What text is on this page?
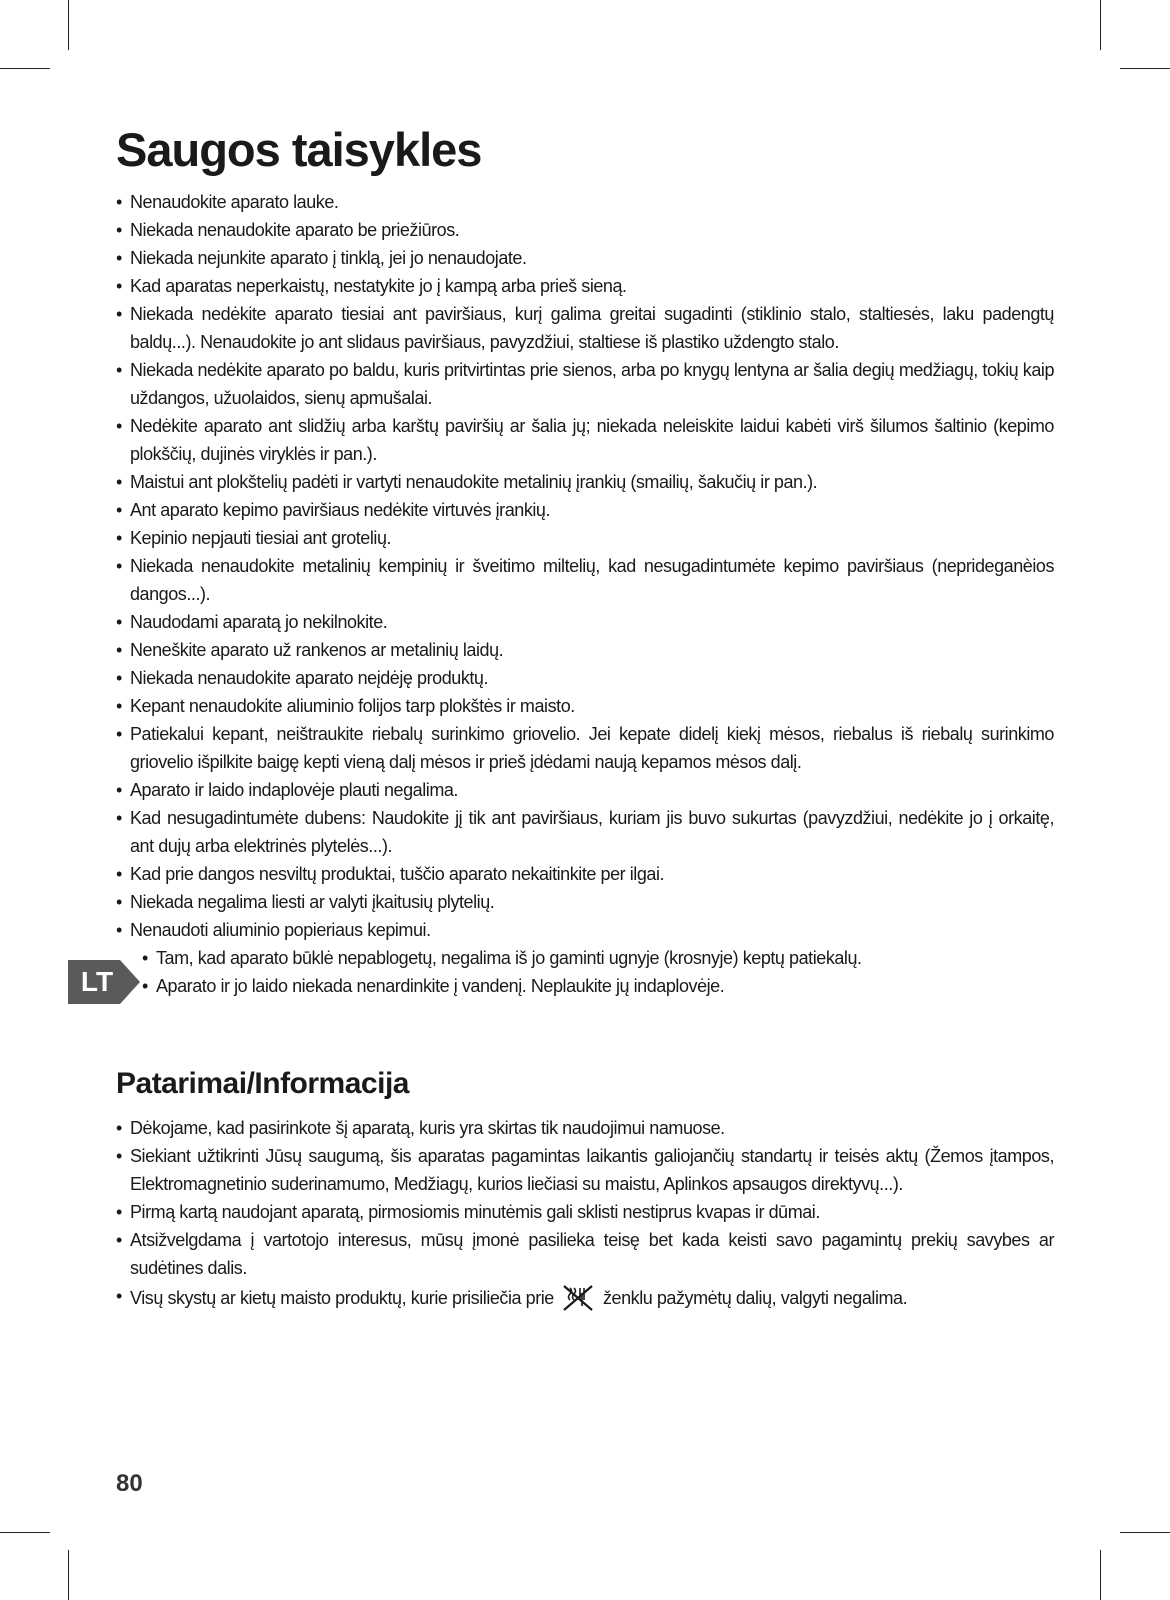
LT
Saugos taisykles
• Nenaudokite aparato lauke.
• Niekada nenaudokite aparato be priežiūros.
• Niekada nejunkite aparato į tinklą, jei jo nenaudojate.
• Kad aparatas neperkaistų, nestatykite jo į kampą arba prieš sieną.
• Niekada nedėkite aparato tiesiai ant paviršiaus, kurį galima greitai sugadinti (stiklinio stalo, staltiesės, laku padengtų baldų...). Nenaudokite jo ant slidaus paviršiaus, pavyzdžiui, staltiese iš plastiko uždengto stalo.
• Niekada nedėkite aparato po baldu, kuris pritvirtintas prie sienos, arba po knygų lentyna ar šalia degių medžiagų, tokių kaip uždangos, užuolaidos, sienų apmušalai.
• Nedėkite aparato ant slidžių arba karštų paviršių ar šalia jų; niekada neleiskite laidui kabėti virš šilumos šaltinio (kepimo plokščių, dujinės viryklės ir pan.).
• Maistui ant plokštelių padėti ir vartyti nenaudokite metalinių įrankių (smailių, šakučių ir pan.).
• Ant aparato kepimo paviršiaus nedėkite virtuvės įrankių.
• Kepinio nepjauti tiesiai ant grotelių.
• Niekada nenaudokite metalinių kempinių ir šveitimo miltelių, kad nesugadintumėte kepimo paviršiaus (neprideganèios dangos...).
• Naudodami aparatą jo nekilnokite.
• Neneškite aparato už rankenos ar metalinių laidų.
• Niekada nenaudokite aparato neįdėję produktų.
• Kepant nenaudokite aliuminio folijos tarp plokštės ir maisto.
• Patiekalui kepant, neištraukite riebalų surinkimo griovelio. Jei kepate didelį kiekį mėsos, riebalus iš riebalų surinkimo griovelio išpilkite baigę kepti vieną dalį mėsos ir prieš įdėdami naują kepamos mėsos dalį.
• Aparato ir laido indaplovėje plauti negalima.
• Kad nesugadintumėte dubens: Naudokite jį tik ant paviršiaus, kuriam jis buvo sukurtas (pavyzdžiui, nedėkite jo į orkaitę, ant dujų arba elektrinės plytelės...).
• Kad prie dangos nesviltų produktai, tuščio aparato nekaitinkite per ilgai.
• Niekada negalima liesti ar valyti įkaitusių plytelių.
• Nenaudoti aliuminio popieriaus kepimui.
• Tam, kad aparato būklė nepablogetų, negalima iš jo gaminti ugnyje (krosnyje) keptų patiekalų.
• Aparato ir jo laido niekada nenardinkite į vandenį. Neplaukite jų indaplovėje.
Patarimai/Informacija
• Dėkojame, kad pasirinkote šį aparatą, kuris yra skirtas tik naudojimui namuose.
• Siekiant užtikrinti Jūsų saugumą, šis aparatas pagamintas laikantis galiojančių standartų ir teisės aktų (Žemos įtampos, Elektromagnetinio suderinamumo, Medžiagų, kurios liečiasi su maistu, Aplinkos apsaugos direktyvų...).
• Pirmą kartą naudojant aparatą, pirmosiomis minutėmis gali sklisti nestiprus kvapas ir dūmai.
• Atsižvelgdama į vartotojo interesus, mūsų įmonė pasilieka teisę bet kada keisti savo pagamintų prekių savybes ar sudėtines dalis.
• Visų skystų ar kietų maisto produktų, kurie prisiliečia prie	ženklu pažymėtų dalių, valgyti negalima.
80
